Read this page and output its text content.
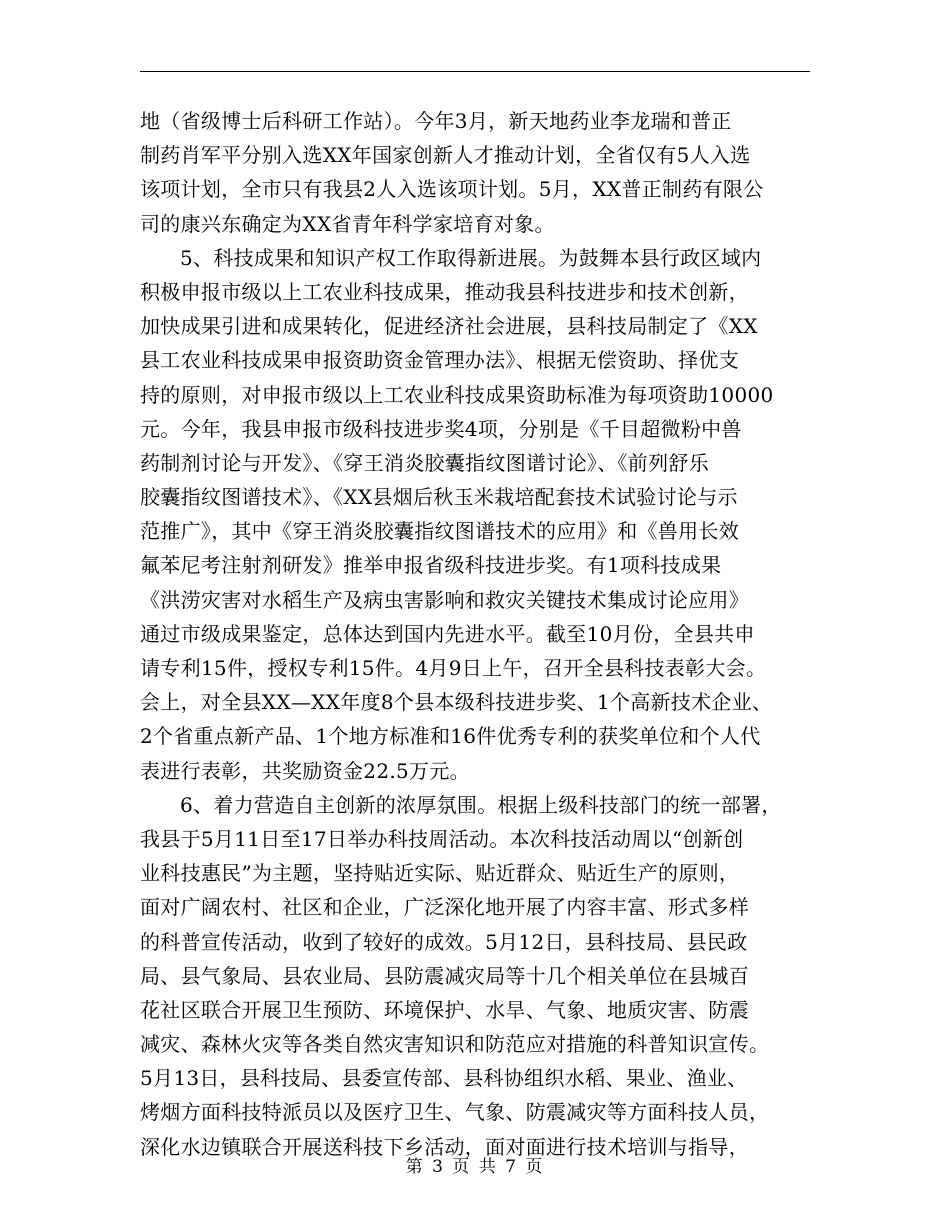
地（省级博士后科研工作站）。今年3月，新天地药业李龙瑞和普正
制药肖军平分别入选XX年国家创新人才推动计划，全省仅有5人入选
该项计划，全市只有我县2人入选该项计划。5月，XX普正制药有限公
司的康兴东确定为XX省青年科学家培育对象。
5、科技成果和知识产权工作取得新进展。为鼓舞本县行政区域内
积极申报市级以上工农业科技成果，推动我县科技进步和技术创新，
加快成果引进和成果转化，促进经济社会进展，县科技局制定了《XX
县工农业科技成果申报资助资金管理办法》、根据无偿资助、择优支
持的原则，对申报市级以上工农业科技成果资助标准为每项资助10000
元。今年，我县申报市级科技进步奖4项，分别是《千目超微粉中兽
药制剂讨论与开发》、《穿王消炎胶囊指纹图谱讨论》、《前列舒乐
胶囊指纹图谱技术》、《XX县烟后秋玉米栽培配套技术试验讨论与示
范推广》，其中《穿王消炎胶囊指纹图谱技术的应用》和《兽用长效
氟苯尼考注射剂研发》推举申报省级科技进步奖。有1项科技成果
《洪涝灾害对水稻生产及病虫害影响和救灾关键技术集成讨论应用》
通过市级成果鉴定，总体达到国内先进水平。截至10月份，全县共申
请专利15件，授权专利15件。4月9日上午，召开全县科技表彰大会。
会上，对全县XX—XX年度8个县本级科技进步奖、1个高新技术企业、
2个省重点新产品、1个地方标准和16件优秀专利的获奖单位和个人代
表进行表彰，共奖励资金22.5万元。
6、着力营造自主创新的浓厚氛围。根据上级科技部门的统一部署，
我县于5月11日至17日举办科技周活动。本次科技活动周以“创新创
业科技惠民”为主题，坚持贴近实际、贴近群众、贴近生产的原则，
面对广阔农村、社区和企业，广泛深化地开展了内容丰富、形式多样
的科普宣传活动，收到了较好的成效。5月12日，县科技局、县民政
局、县气象局、县农业局、县防震减灾局等十几个相关单位在县城百
花社区联合开展卫生预防、环境保护、水旱、气象、地质灾害、防震
减灾、森林火灾等各类自然灾害知识和防范应对措施的科普知识宣传。
5月13日，县科技局、县委宣传部、县科协组织水稻、果业、渔业、
烤烟方面科技特派员以及医疗卫生、气象、防震减灾等方面科技人员，
深化水边镇联合开展送科技下乡活动，面对面进行技术培训与指导，
第 3 页 共 7 页
